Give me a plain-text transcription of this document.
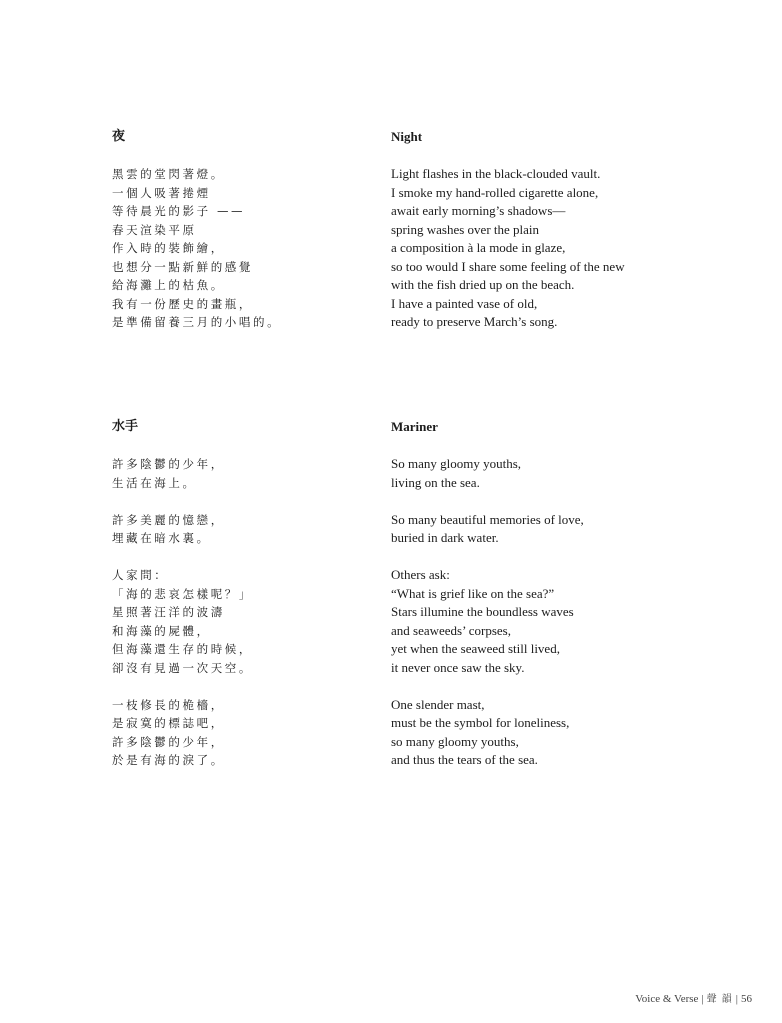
夜

黑雲的堂閃著燈。
一個人吸著捲煙
等待晨光的影子 ——
春天渲染平原
作入時的裝飾繪，
也想分一點新鮮的感覺
給海灘上的枯魚。
我有一份歷史的畫瓶，
是準備留養三月的小唱的。

Night

Light flashes in the black-clouded vault.
I smoke my hand-rolled cigarette alone,
await early morning’s shadows—
spring washes over the plain
a composition à la mode in glaze,
so too would I share some feeling of the new
with the fish dried up on the beach.
I have a painted vase of old,
ready to preserve March’s song.

水手

許多陰鬱的少年，
生活在海上。
許多美麗的憶戀，
埋藏在暗水裏。
人家問：
「海的悲哀怎樣呢？」
星照著汪洋的波濤
和海藻的屍體，
但海藻還生存的時候，
卻沒有見過一次天空。
一枝修長的桅檣，
是寂寞的標誌吧，
許多陰鬱的少年，
於是有海的淚了。

Mariner

So many gloomy youths,
living on the sea.
So many beautiful memories of love,
buried in dark water.
Others ask:
“What is grief like on the sea?”
Stars illumine the boundless waves
and seaweeds’ corpses,
yet when the seaweed still lived,
it never once saw the sky.
One slender mast,
must be the symbol for loneliness,
so many gloomy youths,
and thus the tears of the sea.
Voice & Verse | 聲 韻 | 56
